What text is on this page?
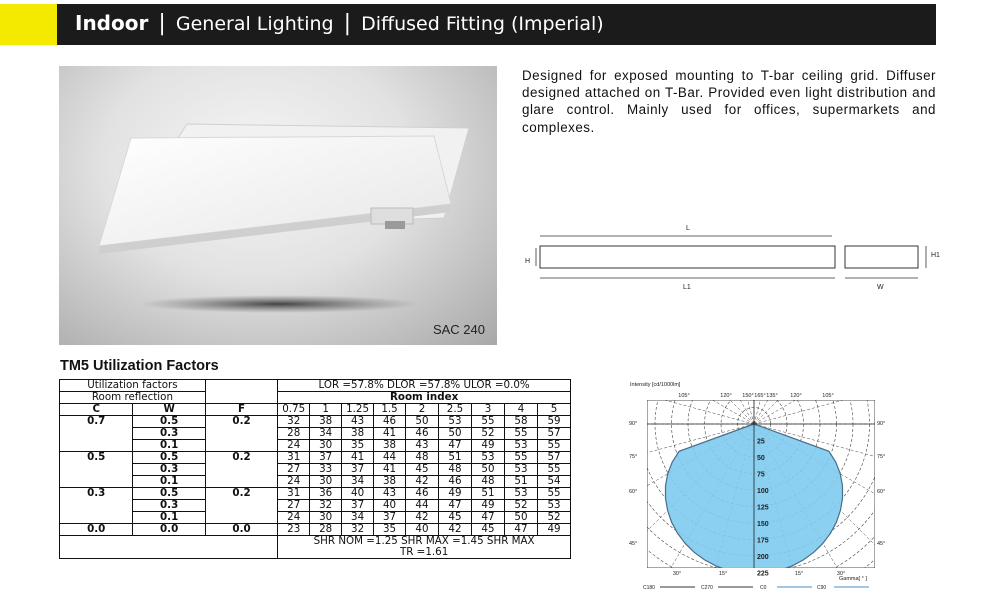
Indoor | General Lighting | Diffused Fitting (Imperial)
SAC 240
Designed for exposed mounting to T-bar ceiling grid. Diffuser designed attached on T-Bar. Provided even light distribution and glare control. Mainly used for offices, supermarkets and complexes.
L
H
L1
H1
W
TM5 Utilization Factors
Utilization factors			LOR =57.8% DLOR =57.8% ULOR =0.0%								
Room reflection			Room index								
C	W	F	0.75	1	1.25	1.5	2	2.5	3	4	5
0.7	0.5	0.2	32	38	43	46	50	53	55	58	59
	0.3		28	34	38	41	46	50	52	55	57
	0.1		24	30	35	38	43	47	49	53	55
0.5	0.5	0.2	31	37	41	44	48	51	53	55	57
	0.3		27	33	37	41	45	48	50	53	55
	0.1		24	30	34	38	42	46	48	51	54
0.3	0.5	0.2	31	36	40	43	46	49	51	53	55
	0.3		27	32	37	40	44	47	49	52	53
	0.1		24	30	34	37	42	45	47	50	52
0.0	0.0	0.0	23	28	32	35	40	42	45	47	49
			SHR NOM =1.25 SHR MAX =1.45 SHR MAX								
			TR =1.61								
Intensity [cd/1000lm]
25
50
75
100
125
150
175
200
225
105°	120° 150° 165° 135° 120°	105°
90°	90°
75°	75°
60°	60°
45°	45°
30°	15°	15°	30°
Gamma[ ° ]
C180	C270	C0	C90
